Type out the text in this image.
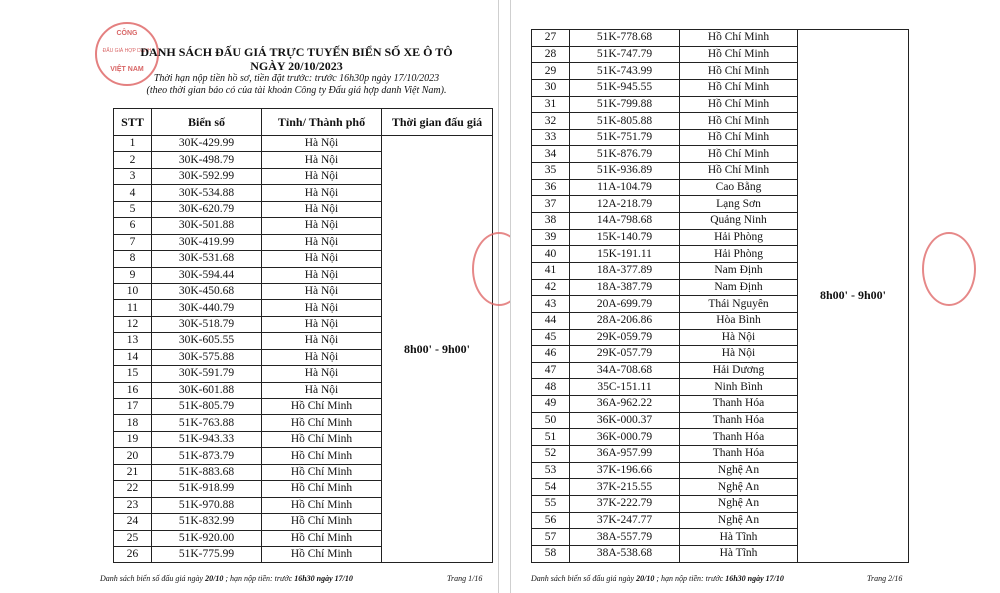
CÔNG
ĐẤU GIÁ HỢP DANH
VIỆT NAM
DANH SÁCH ĐẤU GIÁ TRỰC TUYẾN BIỂN SỐ XE Ô TÔ
NGÀY 20/10/2023
Thời hạn nộp tiền hồ sơ, tiền đặt trước: trước 16h30p ngày 17/10/2023
(theo thời gian báo có của tài khoản Công ty Đấu giá hợp danh Việt Nam).
STT	Biển số	Tỉnh/ Thành phố	Thời gian đấu giá
1	30K-429.99	Hà Nội	8h00' - 9h00'
2	30K-498.79	Hà Nội	
3	30K-592.99	Hà Nội	
4	30K-534.88	Hà Nội	
5	30K-620.79	Hà Nội	
6	30K-501.88	Hà Nội	
7	30K-419.99	Hà Nội	
8	30K-531.68	Hà Nội	
9	30K-594.44	Hà Nội	
10	30K-450.68	Hà Nội	
11	30K-440.79	Hà Nội	
12	30K-518.79	Hà Nội	
13	30K-605.55	Hà Nội	
14	30K-575.88	Hà Nội	
15	30K-591.79	Hà Nội	
16	30K-601.88	Hà Nội	
17	51K-805.79	Hồ Chí Minh	
18	51K-763.88	Hồ Chí Minh	
19	51K-943.33	Hồ Chí Minh	
20	51K-873.79	Hồ Chí Minh	
21	51K-883.68	Hồ Chí Minh	
22	51K-918.99	Hồ Chí Minh	
23	51K-970.88	Hồ Chí Minh	
24	51K-832.99	Hồ Chí Minh	
25	51K-920.00	Hồ Chí Minh	
26	51K-775.99	Hồ Chí Minh	
Danh sách biển số đấu giá ngày 20/10 ; hạn nộp tiền: trước 16h30 ngày 17/10	Trang 1/16
27	51K-778.68	Hồ Chí Minh	8h00' - 9h00'
28	51K-747.79	Hồ Chí Minh	
29	51K-743.99	Hồ Chí Minh	
30	51K-945.55	Hồ Chí Minh	
31	51K-799.88	Hồ Chí Minh	
32	51K-805.88	Hồ Chí Minh	
33	51K-751.79	Hồ Chí Minh	
34	51K-876.79	Hồ Chí Minh	
35	51K-936.89	Hồ Chí Minh	
36	11A-104.79	Cao Bằng	
37	12A-218.79	Lạng Sơn	
38	14A-798.68	Quảng Ninh	
39	15K-140.79	Hải Phòng	
40	15K-191.11	Hải Phòng	
41	18A-377.89	Nam Định	
42	18A-387.79	Nam Định	
43	20A-699.79	Thái Nguyên	
44	28A-206.86	Hòa Bình	
45	29K-059.79	Hà Nội	
46	29K-057.79	Hà Nội	
47	34A-708.68	Hải Dương	
48	35C-151.11	Ninh Bình	
49	36A-962.22	Thanh Hóa	
50	36K-000.37	Thanh Hóa	
51	36K-000.79	Thanh Hóa	
52	36A-957.99	Thanh Hóa	
53	37K-196.66	Nghệ An	
54	37K-215.55	Nghệ An	
55	37K-222.79	Nghệ An	
56	37K-247.77	Nghệ An	
57	38A-557.79	Hà Tĩnh	
58	38A-538.68	Hà Tĩnh	
Danh sách biển số đấu giá ngày 20/10 ; hạn nộp tiền: trước 16h30 ngày 17/10	Trang 2/16
